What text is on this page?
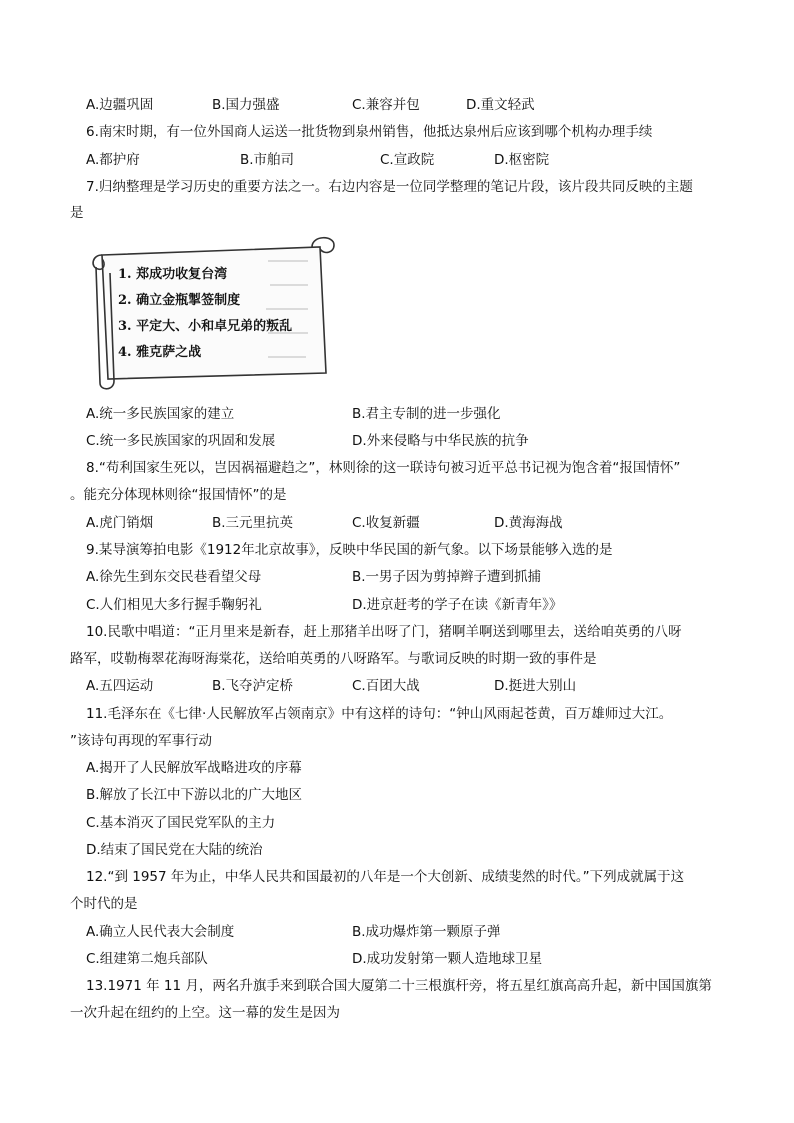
A.边疆巩固	B.国力强盛	C.兼容并包	D.重文轻武
6.南宋时期，有一位外国商人运送一批货物到泉州销售，他抵达泉州后应该到哪个机构办理手续
A.都护府	B.市舶司	C.宣政院	D.枢密院
7.归纳整理是学习历史的重要方法之一。右边内容是一位同学整理的笔记片段，该片段共同反映的主题
是
1. 郑成功收复台湾
2. 确立金瓶掣签制度
3. 平定大、小和卓兄弟的叛乱
4. 雅克萨之战
A.统一多民族国家的建立	B.君主专制的进一步强化
C.统一多民族国家的巩固和发展	D.外来侵略与中华民族的抗争
8.“苟利国家生死以，岂因祸福避趋之”，林则徐的这一联诗句被习近平总书记视为饱含着“报国情怀”
。能充分体现林则徐“报国情怀”的是
A.虎门销烟	B.三元里抗英	C.收复新疆	D.黄海海战
9.某导演筹拍电影《1912年北京故事》，反映中华民国的新气象。以下场景能够入选的是
A.徐先生到东交民巷看望父母	B.一男子因为剪掉辫子遭到抓捕
C.人们相见大多行握手鞠躬礼	D.进京赶考的学子在读《新青年》》
10.民歌中唱道：“正月里来是新春，赶上那猪羊出呀了门，猪啊羊啊送到哪里去，送给咱英勇的八呀
路军，哎勒梅翠花海呀海棠花，送给咱英勇的八呀路军。与歌词反映的时期一致的事件是
A.五四运动	B.飞夺泸定桥	C.百团大战	D.挺进大别山
11.毛泽东在《七律·人民解放军占领南京》中有这样的诗句：“钟山风雨起苍黄，百万雄师过大江。
”该诗句再现的军事行动
A.揭开了人民解放军战略进攻的序幕
B.解放了长江中下游以北的广大地区
C.基本消灭了国民党军队的主力
D.结束了国民党在大陆的统治
12.“到 1957 年为止，中华人民共和国最初的八年是一个大创新、成绩斐然的时代。”下列成就属于这
个时代的是
A.确立人民代表大会制度	B.成功爆炸第一颗原子弹
C.组建第二炮兵部队	D.成功发射第一颗人造地球卫星
13.1971 年 11 月，两名升旗手来到联合国大厦第二十三根旗杆旁，将五星红旗高高升起，新中国国旗第
一次升起在纽约的上空。这一幕的发生是因为
